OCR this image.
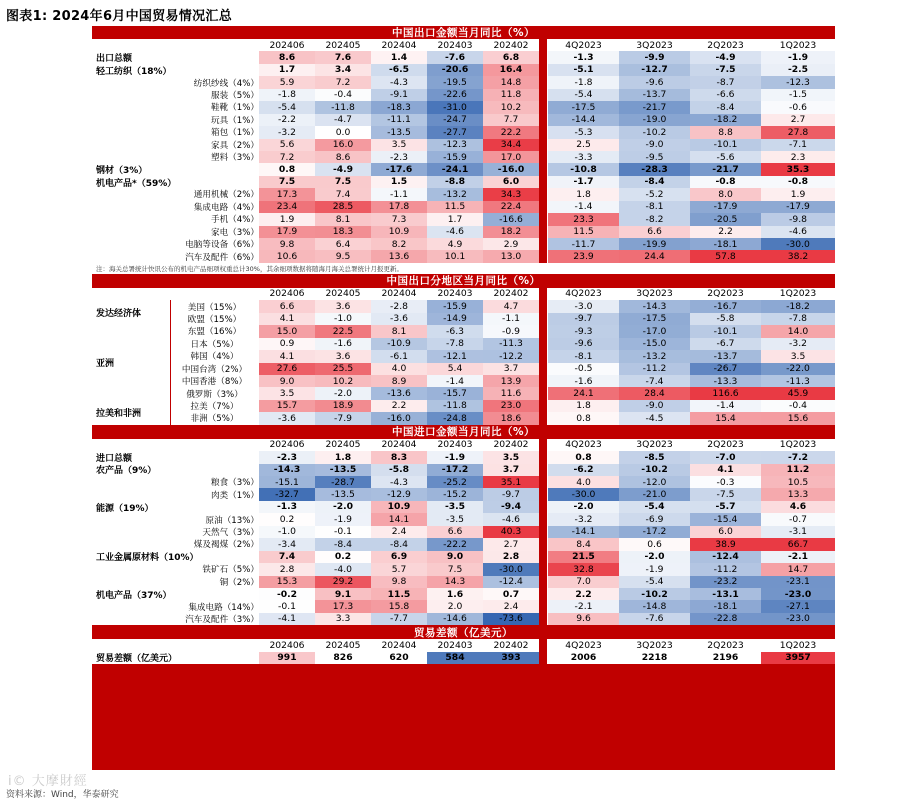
图表1: 2024年6月中国贸易情况汇总
中国出口金额当月同比（%）
202406	202405	202404	202403	202402	4Q2023	3Q2023	2Q2023	1Q2023
出口总额	8.6	7.6	1.4	-7.6	6.8	-1.3	-9.9	-4.9	-1.9
轻工纺织（18%）	1.7	3.4	-6.5	-20.6	16.4	-5.1	-12.7	-7.5	-2.5
纺织纱线（4%）	5.9	7.2	-4.3	-19.5	14.8	-1.8	-9.6	-8.7	-12.3
服装（5%）	-1.8	-0.4	-9.1	-22.6	11.8	-5.4	-13.7	-6.6	-1.5
鞋靴（1%）	-5.4	-11.8	-18.3	-31.0	10.2	-17.5	-21.7	-8.4	-0.6
玩具（1%）	-2.2	-4.7	-11.1	-24.7	7.7	-14.4	-19.0	-18.2	2.7
箱包（1%）	-3.2	0.0	-13.5	-27.7	22.2	-5.3	-10.2	8.8	27.8
家具（2%）	5.6	16.0	3.5	-12.3	34.4	2.5	-9.0	-10.1	-7.1
塑料（3%）	7.2	8.6	-2.3	-15.9	17.0	-3.3	-9.5	-5.6	2.3
钢材（3%）	0.8	-4.9	-17.6	-24.1	-16.0	-10.8	-28.3	-21.7	35.3
机电产品*（59%）	7.5	7.5	1.5	-8.8	6.0	-1.7	-8.4	-0.8	-0.8
通用机械（2%）	17.3	7.4	-1.1	-13.2	34.3	1.8	-5.2	8.0	1.9
集成电路（4%）	23.4	28.5	17.8	11.5	22.4	-1.4	-8.1	-17.9	-17.9
手机（4%）	1.9	8.1	7.3	1.7	-16.6	23.3	-8.2	-20.5	-9.8
家电（3%）	17.9	18.3	10.9	-4.6	18.2	11.5	6.6	2.2	-4.6
电脑等设备（6%）	9.8	6.4	8.2	4.9	2.9	-11.7	-19.9	-18.1	-30.0
汽车及配件（6%）	10.6	9.5	13.6	10.1	13.0	23.9	24.4	57.8	38.2
注：海关总署统计快讯公布的机电产品细项权重总计30%，其余细项数据将随海月海关总署统计月报更新。
中国出口分地区当月同比（%）
202406	202405	202404	202403	202402	4Q2023	3Q2023	2Q2023	1Q2023
美国（15%）	6.6	3.6	-2.8	-15.9	4.7	-3.0	-14.3	-16.7	-18.2
发达经济体
欧盟（15%）	4.1	-1.0	-3.6	-14.9	-1.1	-9.7	-17.5	-5.8	-7.8
东盟（16%）	15.0	22.5	8.1	-6.3	-0.9	-9.3	-17.0	-10.1	14.0
亚洲
日本（5%）	0.9	-1.6	-10.9	-7.8	-11.3	-9.6	-15.0	-6.7	-3.2
韩国（4%）	4.1	3.6	-6.1	-12.1	-12.2	-8.1	-13.2	-13.7	3.5
中国台湾（2%）	27.6	25.5	4.0	5.4	3.7	-0.5	-11.2	-26.7	-22.0
中国香港（8%）	9.0	10.2	8.9	-1.4	13.9	-1.6	-7.4	-13.3	-11.3
俄罗斯（3%）	3.5	-2.0	-13.6	-15.7	11.6	24.1	28.4	116.6	45.9
拉美（7%）	15.7	18.9	2.2	-11.8	23.0	1.8	-9.0	-1.4	-0.4
拉美和非洲
非洲（5%）	-3.6	-7.9	-16.0	-24.8	18.6	0.8	-4.5	15.4	15.6
中国进口金额当月同比（%）
202406	202405	202404	202403	202402	4Q2023	3Q2023	2Q2023	1Q2023
进口总额	-2.3	1.8	8.3	-1.9	3.5	0.8	-8.5	-7.0	-7.2
农产品（9%）	-14.3	-13.5	-5.8	-17.2	3.7	-6.2	-10.2	4.1	11.2
粮食（3%）	-15.1	-28.7	-4.3	-25.2	35.1	4.0	-12.0	-0.3	10.5
肉类（1%）	-32.7	-13.5	-12.9	-15.2	-9.7	-30.0	-21.0	-7.5	13.3
能源（19%）	-1.3	-2.0	10.9	-3.5	-9.4	-2.0	-5.4	-5.7	4.6
原油（13%）	0.2	-1.9	14.1	-3.5	-4.6	-3.2	-6.9	-15.4	-0.7
天然气（3%）	-1.0	-0.1	2.4	6.6	40.3	-14.1	-17.2	6.0	-3.1
煤及褐煤（2%）	-3.4	-8.4	-8.4	-22.2	2.7	8.4	0.6	38.9	66.7
工业金属原材料（10%）	7.4	0.2	6.9	9.0	2.8	21.5	-2.0	-12.4	-2.1
铁矿石（5%）	2.8	-4.0	5.7	7.5	-30.0	32.8	-1.9	-11.2	14.7
铜（2%）	15.3	29.2	9.8	14.3	-12.4	7.0	-5.4	-23.2	-23.1
机电产品（37%）	-0.2	9.1	11.5	1.6	0.7	2.2	-10.2	-13.1	-23.0
集成电路（14%）	-0.1	17.3	15.8	2.0	2.4	-2.1	-14.8	-18.1	-27.1
汽车及配件（3%）	-4.1	3.3	-7.7	-14.6	-73.6	9.6	-7.6	-22.8	-23.0
贸易差额（亿美元）
202406	202405	202404	202403	202402	4Q2023	3Q2023	2Q2023	1Q2023
贸易差额（亿美元）	991	826	620	584	393	2006	2218	2196	3957
i© 大摩財經
资料来源：Wind，华泰研究
